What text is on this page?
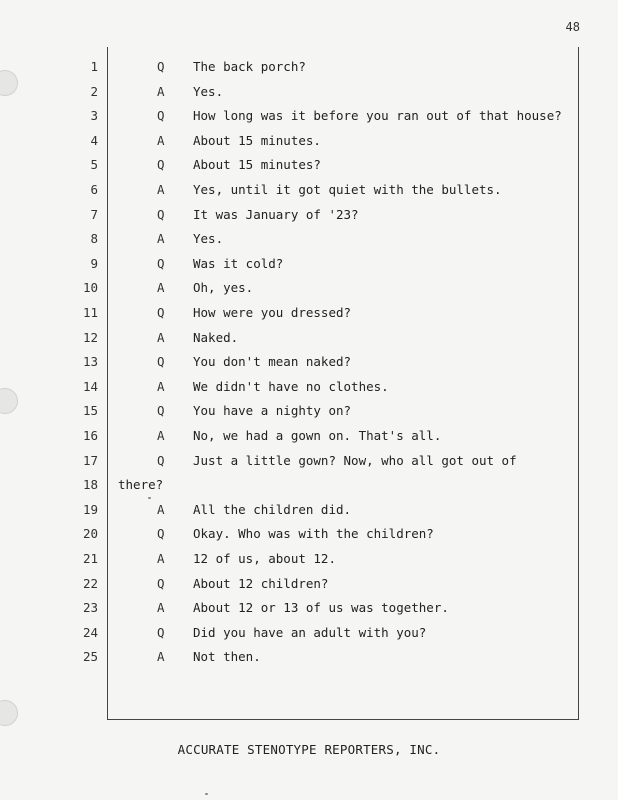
48
1	Q The back porch?
2	A Yes.
3	Q How long was it before you ran out of that house?
4	A About 15 minutes.
5	Q About 15 minutes?
6	A Yes, until it got quiet with the bullets.
7	Q It was January of '23?
8	A Yes.
9	Q Was it cold?
10	A Oh, yes.
11	Q How were you dressed?
12	A Naked.
13	Q You don't mean naked?
14	A We didn't have no clothes.
15	Q You have a nighty on?
16	A No, we had a gown on. That's all.
17	Q Just a little gown? Now, who all got out of
18 there?
19	A All the children did.
20	Q Okay. Who was with the children?
21	A 12 of us, about 12.
22	Q About 12 children?
23	A About 12 or 13 of us was together.
24	Q Did you have an adult with you?
25	A Not then.
ACCURATE STENOTYPE REPORTERS, INC.
